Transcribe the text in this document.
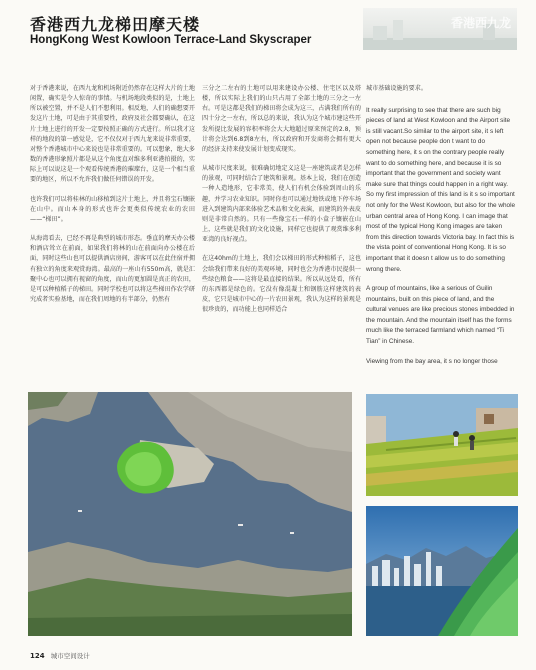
香港西九龙梯田摩天楼
HongKong West Kowloon Terrace-Land Skyscraper
香港西九龙

对于香港来说，在西九龙和机场附近仍然存在这样大片的土地闲置，确实是令人惊奇的事情。与机场地段类似的是，土地上所以被空置，并不是人们不想利用。相反地，人们的确想要开发这片土地，可是由于其重要性，政府及社会都要确认，在这片土地上进行的开发一定要按照正确的方式进行。所以我才这样的地段的第一感觉是，它不仅仅对于西九龙来说非常重要，对整个香港城市中心来说也是非常重要的。可以想象，绝大多数的香港形象照片都是从这个角度直对维多利亚港拍摄的，实际上可以说这是一个观看传统香港的璀璨台，这是一个相当重要的地区，所以不允许我们做任何错误的开发。

也许我们可以将桂林的山移植到这片土地上，并且将宝石镶嵌在山中。而山本身的形式也许会更类似传统农业的农田——“梯田”。

从海湾看去，已经不再是典型的城市形态。垂直的摩天办公楼和酒店耸立在前面，如果我们将林的山在前面向办公楼在后面，同时这些山也可以提供酒店房间，游客可以在此住宿并拥有独立的角度来观赏海湾。最高的一座山有550m高，就是汇聚中心也可以拥有视窗的角度，而山的更加圆是真正的农田，是可以种植稻子的梯田。同时学校也可以将这些梯田作农学研究成者实验基地，而在我们周地的有半部分，仍然有

三分之二左右的土地可以用来建设办公楼、住宅区以及塔楼，所以实际上我们的山只占用了全部土地的三分之一左右。可是这都是我们的梯田将会成为这三，占满我们所有的四十分之一左右，所以总的来说，我认为这个城市建这些开发所提比发展的容积率将会大大地超过原来预定的2.8，预计将会达到6.8到8左右，所以政府和开发商将会拥有更大的经济支持来使发展计划变成现实。

从城市尺度来说，很难确切地定义这是一座建筑或者是怎样的景观，可同时结合了建筑和景观。基本上说，我们在创造一种人造地形，它非常美，使人们有机会体验到周山的乐趣，并学习农业知识。同时你也可以通过地铁或地下停车场进入到建筑内部来体验艺术品和文化表演，而建筑的外表皮则是非常自然的。只有一些像宝石一样的小盒子镶嵌在山上，这些就是我们的文化设施，同样它也提供了观赏维多利亚湾的良好视点。

在这40hm的土地上，我们会以梯田的形式种植稻子，这也会给我们带来良好的美观环境，同时也会为香港市民提供一些绿色粮食——这将是最直接的结果。所以从远处看，所有的东西都是绿色的。它没有像混凝土和钢筋这样建筑的表皮，它只是城市中心的一片农田景观，我认为这样的景观是很珍贵的，而功能上也同样适合

城市基础设施的要求。

It really surprising to see that there are such big pieces of land at West Kowloon and the Airport site is still vacant.So similar to the airport site, it s left open not because people don t want to do something here, it s on the contrary people really want to do something here, and because it is so important that the government and society want make sure that things could happen in a right way. So my first impression of this land is it s so important not only for the West Kowloon, but also for the whole urban central area of Hong Kong. I can image that most of the typical Hong Kong images are taken from this direction towards Victoria bay. In fact this is the vista point of conventional Hong Kong. It is so important that it doesn t allow us to do something wrong there.

A group of mountains, like a serious of Guilin mountains, built on this piece of land, and the cultural venues are like precious stones imbedded in the mountain. And the mountain itself has the forms much like the terraced farmland which named “Ti Tian” in Chinese.

Viewing from the bay area, it s no longer those

124 城市空间设计
